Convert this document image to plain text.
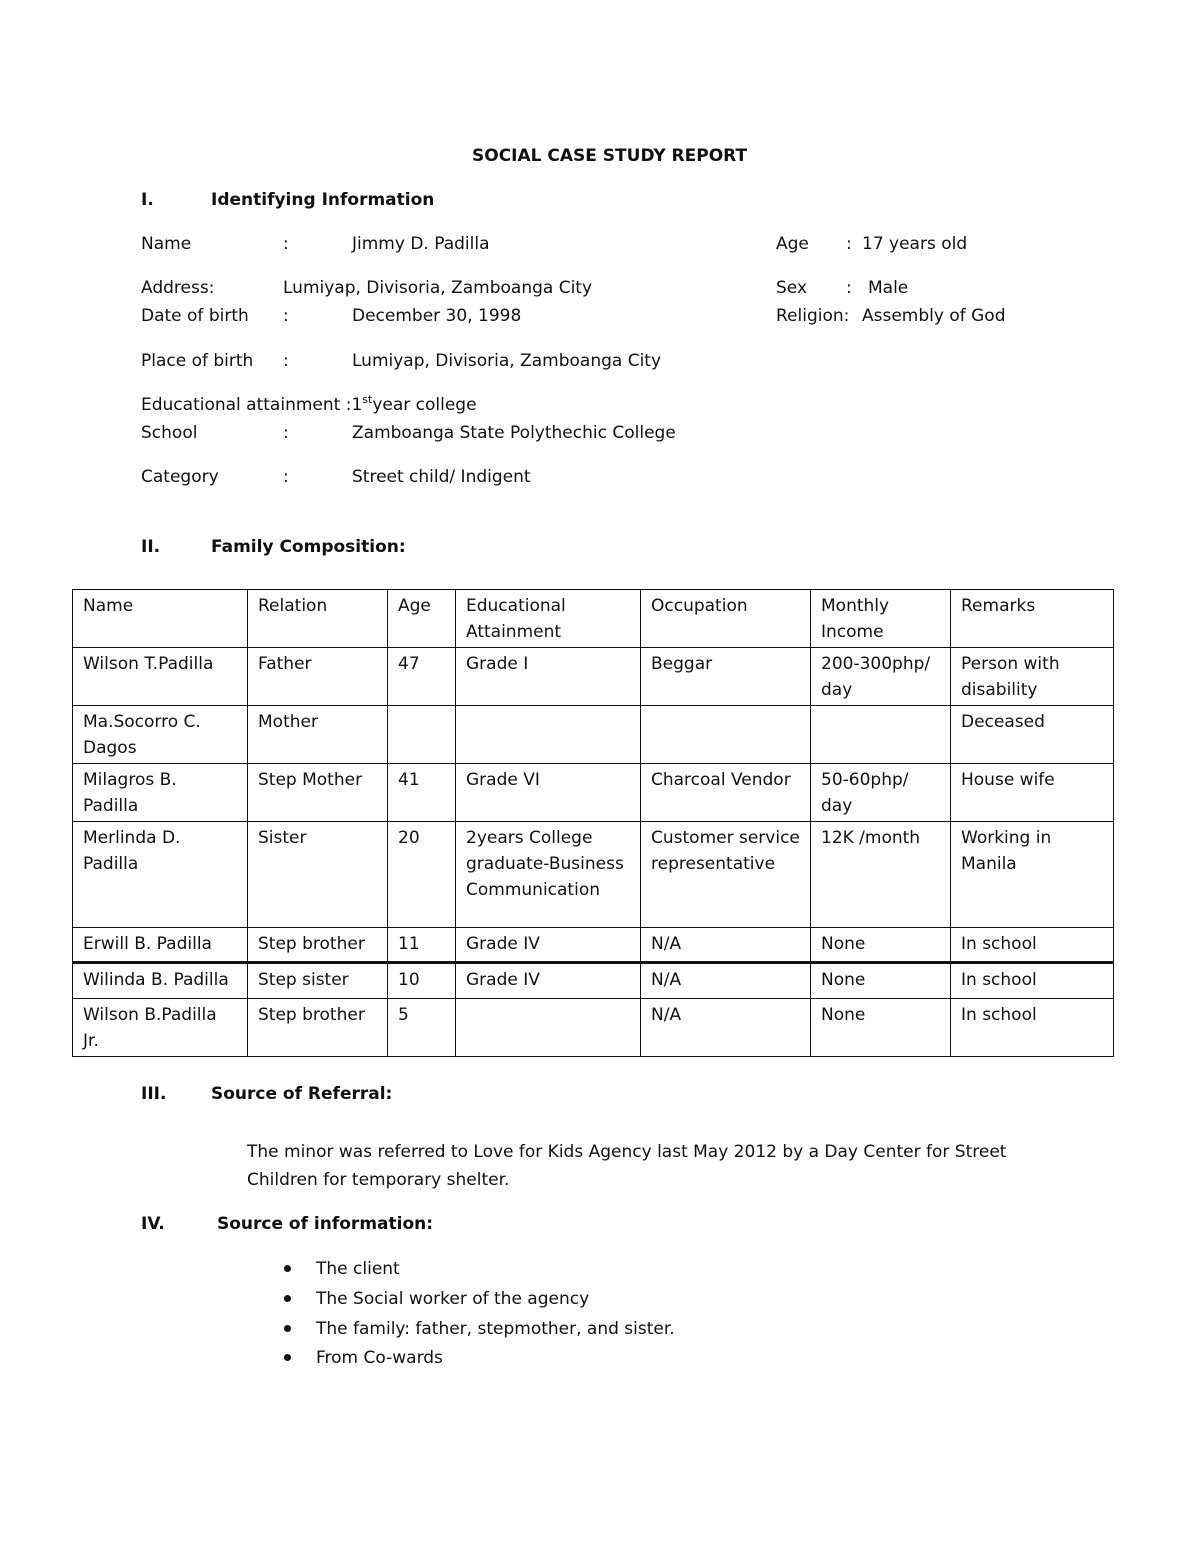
SOCIAL CASE STUDY REPORT
I.	Identifying Information
Name	:	Jimmy D. Padilla	Age : 17 years old
Address:	Lumiyap, Divisoria, Zamboanga City	Sex : Male
Date of birth :	December 30, 1998	Religion: Assembly of God
Place of birth :	Lumiyap, Divisoria, Zamboanga City
Educational attainment :1styear college
School	:	Zamboanga State Polythechic College
Category	:	Street child/ Indigent
II.	Family Composition:
Name	Relation	Age	Educational Attainment	Occupation	Monthly Income	Remarks
Wilson T.Padilla	Father	47	Grade I	Beggar	200-300php/ day	Person with disability
Ma.Socorro C. Dagos	Mother					Deceased
Milagros B. Padilla	Step Mother	41	Grade VI	Charcoal Vendor	50-60php/ day	House wife
Merlinda D. Padilla	Sister	20	2years College graduate-Business Communication	Customer service representative	12K /month	Working in Manila
Erwill B. Padilla	Step brother	11	Grade IV	N/A	None	In school
Wilinda B. Padilla	Step sister	10	Grade IV	N/A	None	In school
Wilson B.Padilla Jr.	Step brother	5		N/A	None	In school
III.	Source of Referral:
The minor was referred to Love for Kids Agency last May 2012 by a Day Center for Street
Children for temporary shelter.
IV.	Source of information:
The client
The Social worker of the agency
The family: father, stepmother, and sister.
From Co-wards
